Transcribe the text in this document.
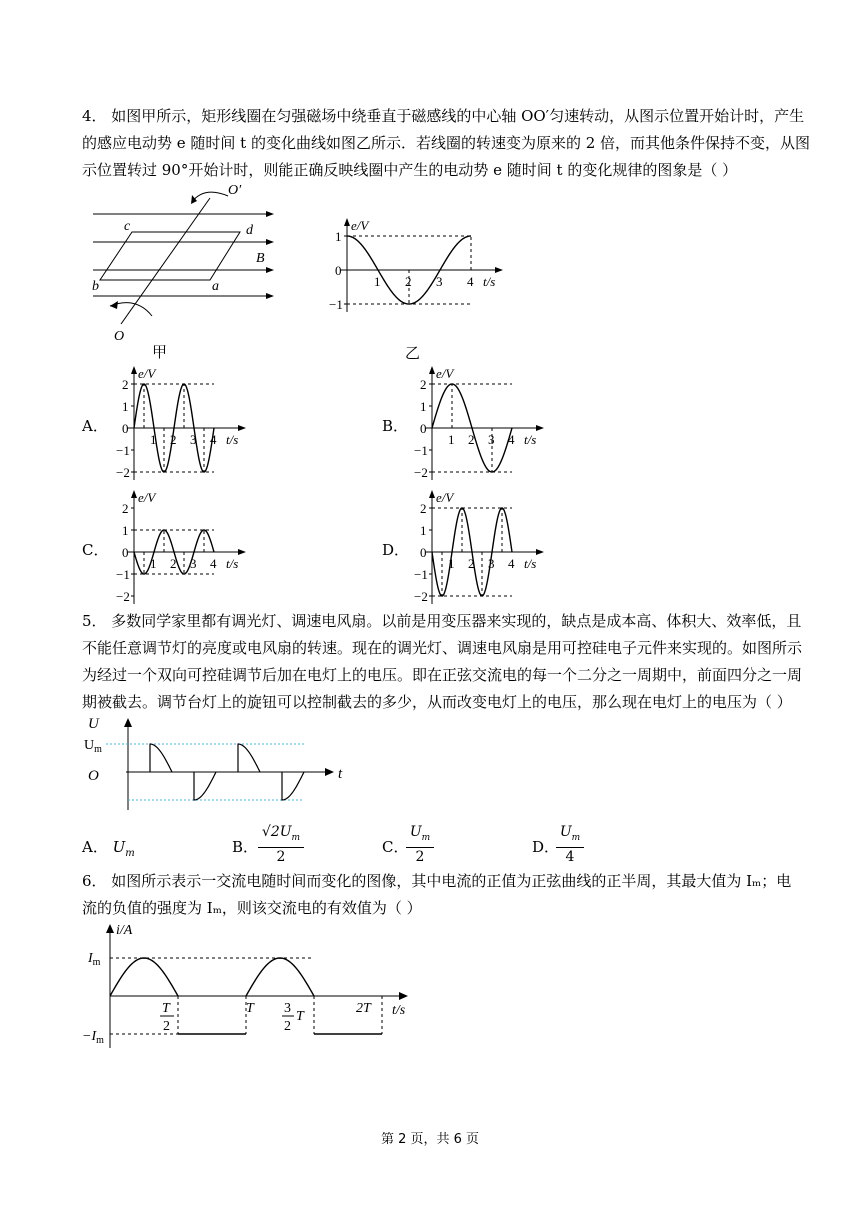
4． 如图甲所示，矩形线圈在匀强磁场中绕垂直于磁感线的中心轴 OO′匀速转动，从图示位置开始计时，产生
的感应电动势 e 随时间 t 的变化曲线如图乙所示．若线圈的转速变为原来的 2 倍，而其他条件保持不变，从图
示位置转过 90°开始计时，则能正确反映线圈中产生的电动势 e 随时间 t 的变化规律的图象是（ ）
O′
c	d
B
b	a
O
甲
e/V
t/s
1
0
−1
1 2 3 4
乙
A．
e/V
t/s
2
1
0
−1
−2
1 2 3 4
B．
e/V
t/s
2
1
0
−1
−2
1 2 3 4
C．
e/V
t/s
2
1
0
−1
−2
1 2 3 4
D．
e/V
t/s
2
1
0
−1
−2
1 2 3 4
5． 多数同学家里都有调光灯、调速电风扇。以前是用变压器来实现的，缺点是成本高、体积大、效率低，且
不能任意调节灯的亮度或电风扇的转速。现在的调光灯、调速电风扇是用可控硅电子元件来实现的。如图所示
为经过一个双向可控硅调节后加在电灯上的电压。即在正弦交流电的每一个二分之一周期中，前面四分之一周
期被截去。调节台灯上的旋钮可以控制截去的多少，从而改变电灯上的电压，那么现在电灯上的电压为（ ）
U
O	t
$U_m$
A． $U_m$	B．
$√2U_m$
2
C．
$U_m$
2
D．
$U_m$
4
6． 如图所示表示一交流电随时间而变化的图像，其中电流的正值为正弦曲线的正半周，其最大值为 Iₘ；电
流的负值的强度为 Iₘ，则该交流电的有效值为（ ）
i/A
$I_m$
$-I_m$
t/s
T
2
T 3
2
T
2T
第 2 页，共 6 页
